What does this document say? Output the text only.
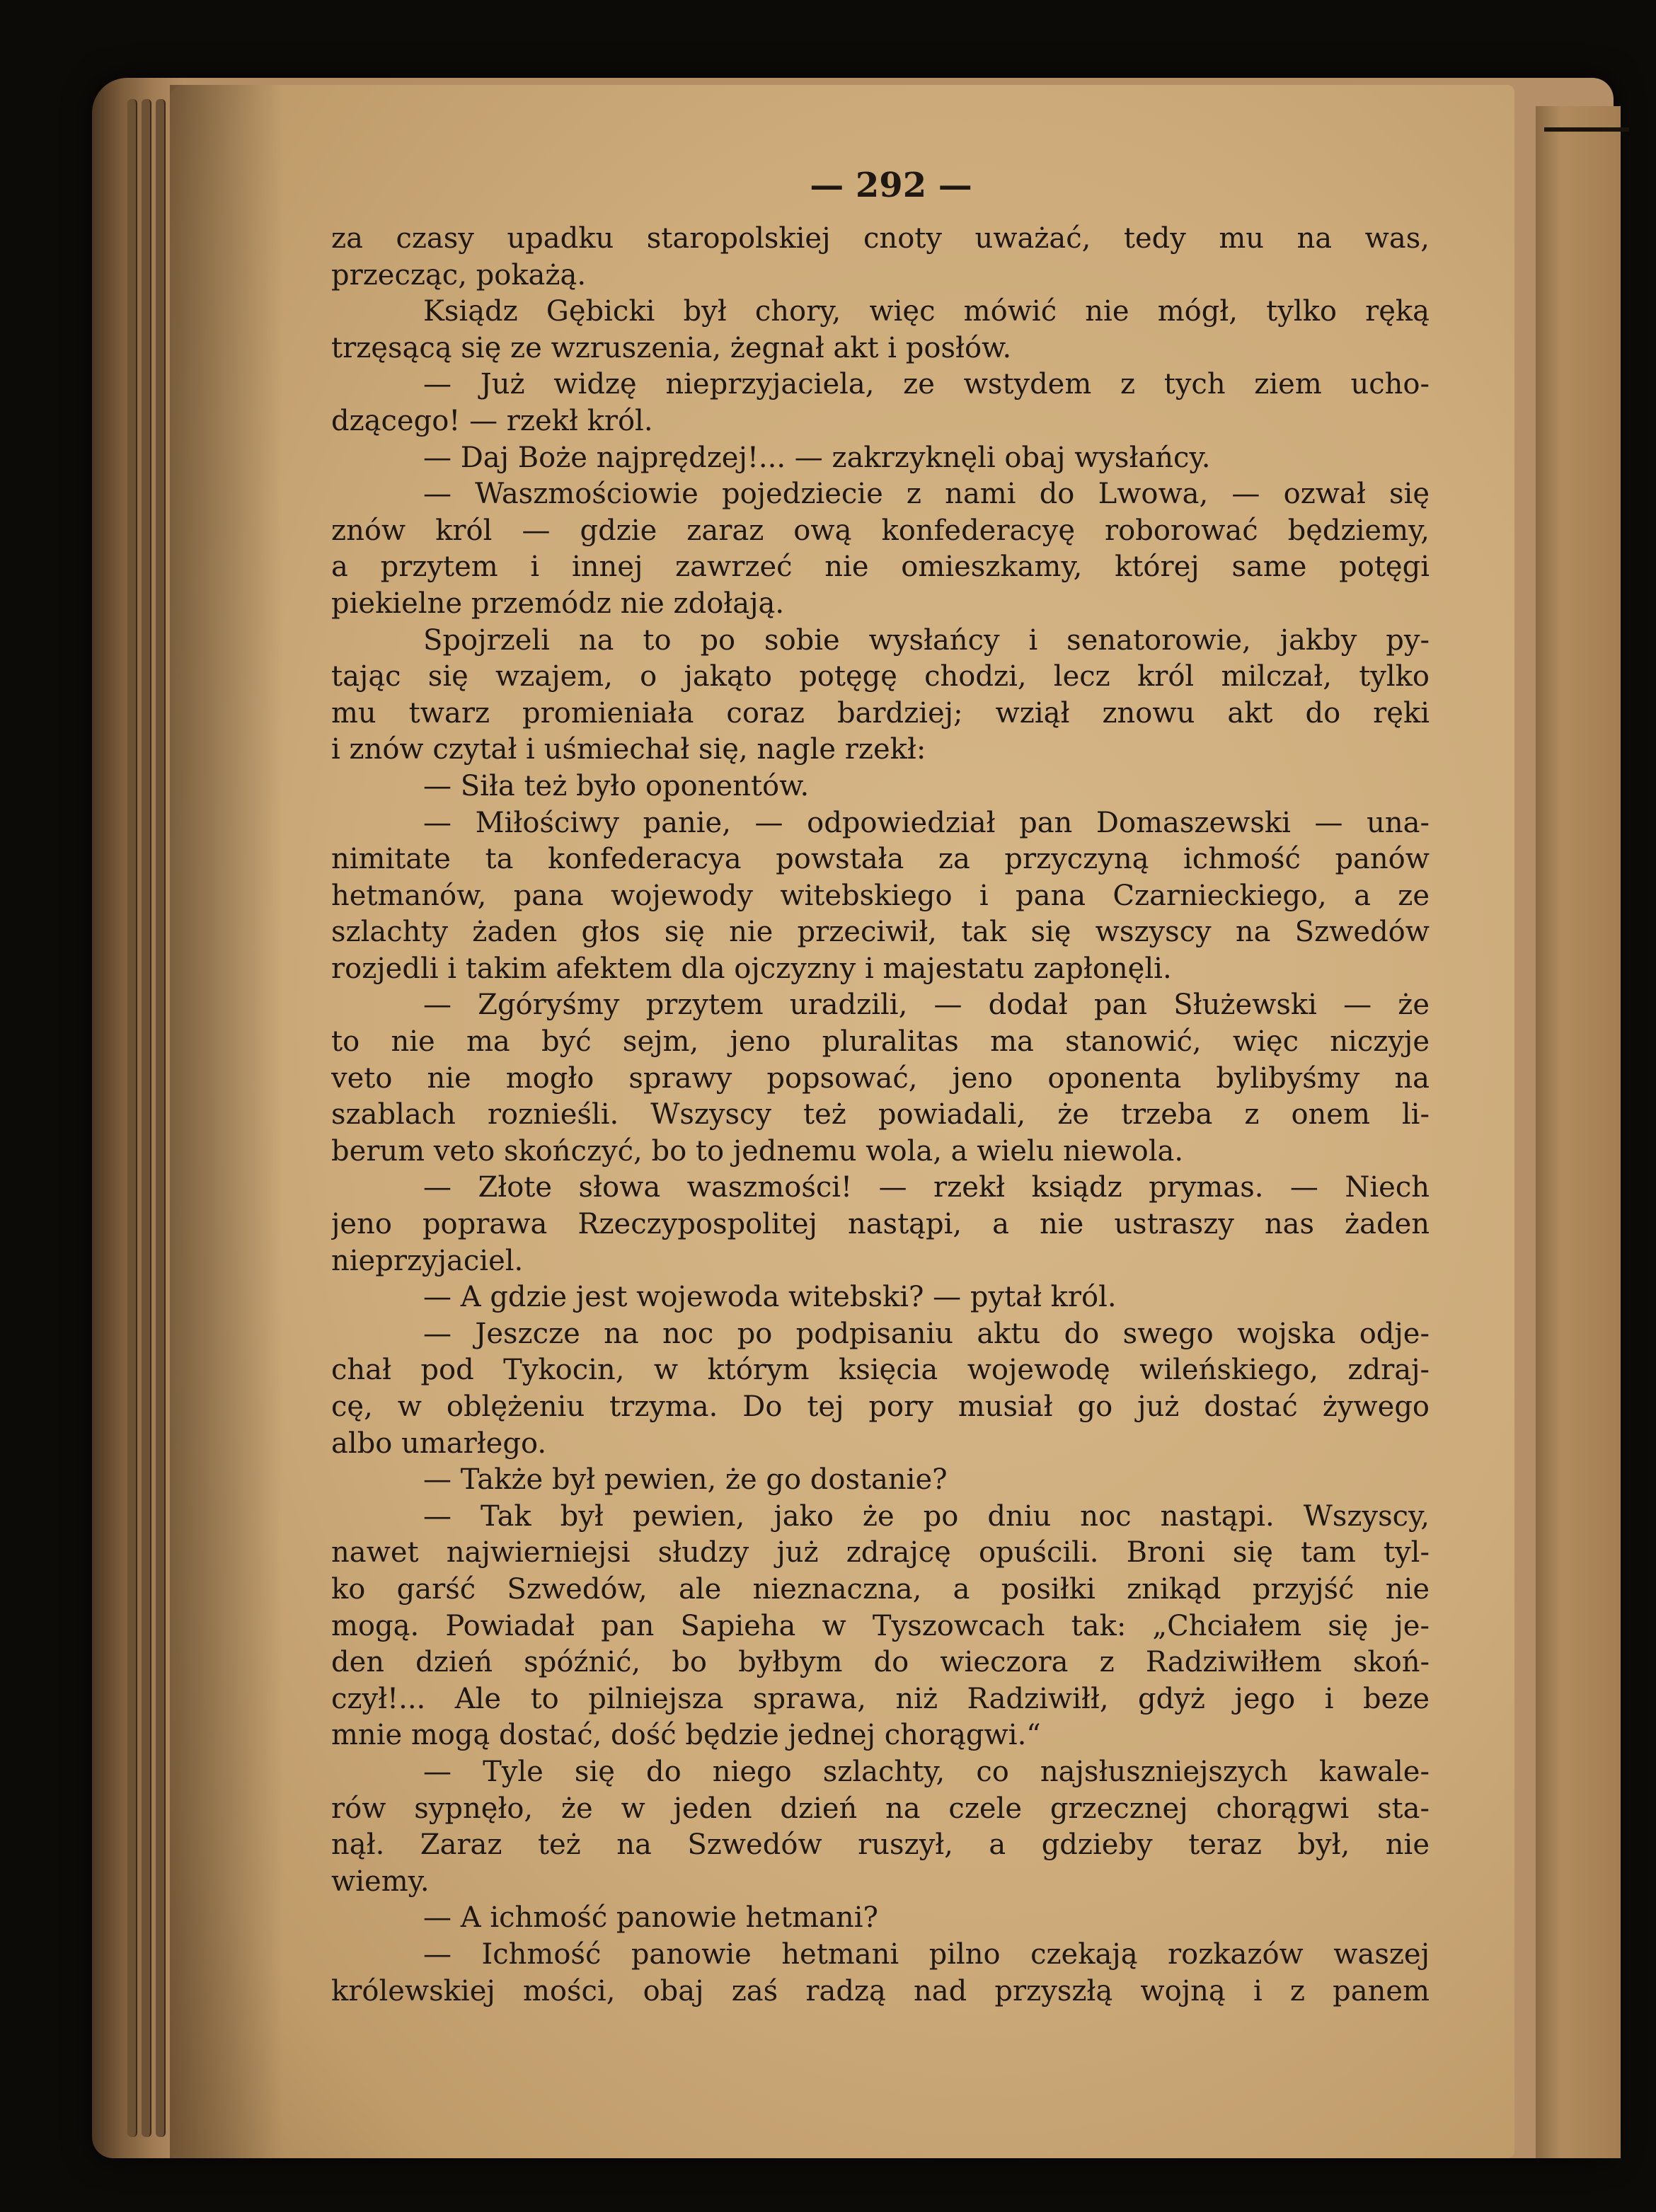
— 292 —
za czasy upadku staropolskiej cnoty uważać, tedy mu na was,
przecząc, pokażą.
Ksiądz Gębicki był chory, więc mówić nie mógł, tylko ręką
trzęsącą się ze wzruszenia, żegnał akt i posłów.
— Już widzę nieprzyjaciela, ze wstydem z tych ziem ucho-
dzącego! — rzekł król.
— Daj Boże najprędzej!... — zakrzyknęli obaj wysłańcy.
— Waszmościowie pojedziecie z nami do Lwowa, — ozwał się
znów król — gdzie zaraz ową konfederacyę roborować będziemy,
a przytem i innej zawrzeć nie omieszkamy, której same potęgi
piekielne przemódz nie zdołają.
Spojrzeli na to po sobie wysłańcy i senatorowie, jakby py-
tając się wzajem, o jakąto potęgę chodzi, lecz król milczał, tylko
mu twarz promieniała coraz bardziej; wziął znowu akt do ręki
i znów czytał i uśmiechał się, nagle rzekł:
— Siła też było oponentów.
— Miłościwy panie, — odpowiedział pan Domaszewski — una-
nimitate ta konfederacya powstała za przyczyną ichmość panów
hetmanów, pana wojewody witebskiego i pana Czarnieckiego, a ze
szlachty żaden głos się nie przeciwił, tak się wszyscy na Szwedów
rozjedli i takim afektem dla ojczyzny i majestatu zapłonęli.
— Zgóryśmy przytem uradzili, — dodał pan Służewski — że
to nie ma być sejm, jeno pluralitas ma stanowić, więc niczyje
veto nie mogło sprawy popsować, jeno oponenta bylibyśmy na
szablach roznieśli. Wszyscy też powiadali, że trzeba z onem li-
berum veto skończyć, bo to jednemu wola, a wielu niewola.
— Złote słowa waszmości! — rzekł ksiądz prymas. — Niech
jeno poprawa Rzeczypospolitej nastąpi, a nie ustraszy nas żaden
nieprzyjaciel.
— A gdzie jest wojewoda witebski? — pytał król.
— Jeszcze na noc po podpisaniu aktu do swego wojska odje-
chał pod Tykocin, w którym księcia wojewodę wileńskiego, zdraj-
cę, w oblężeniu trzyma. Do tej pory musiał go już dostać żywego
albo umarłego.
— Także był pewien, że go dostanie?
— Tak był pewien, jako że po dniu noc nastąpi. Wszyscy,
nawet najwierniejsi słudzy już zdrajcę opuścili. Broni się tam tyl-
ko garść Szwedów, ale nieznaczna, a posiłki znikąd przyjść nie
mogą. Powiadał pan Sapieha w Tyszowcach tak: „Chciałem się je-
den dzień spóźnić, bo byłbym do wieczora z Radziwiłłem skoń-
czył!... Ale to pilniejsza sprawa, niż Radziwiłł, gdyż jego i beze
mnie mogą dostać, dość będzie jednej chorągwi.“
— Tyle się do niego szlachty, co najsłuszniejszych kawale-
rów sypnęło, że w jeden dzień na czele grzecznej chorągwi sta-
nął. Zaraz też na Szwedów ruszył, a gdzieby teraz był, nie
wiemy.
— A ichmość panowie hetmani?
— Ichmość panowie hetmani pilno czekają rozkazów waszej
królewskiej mości, obaj zaś radzą nad przyszłą wojną i z panem
